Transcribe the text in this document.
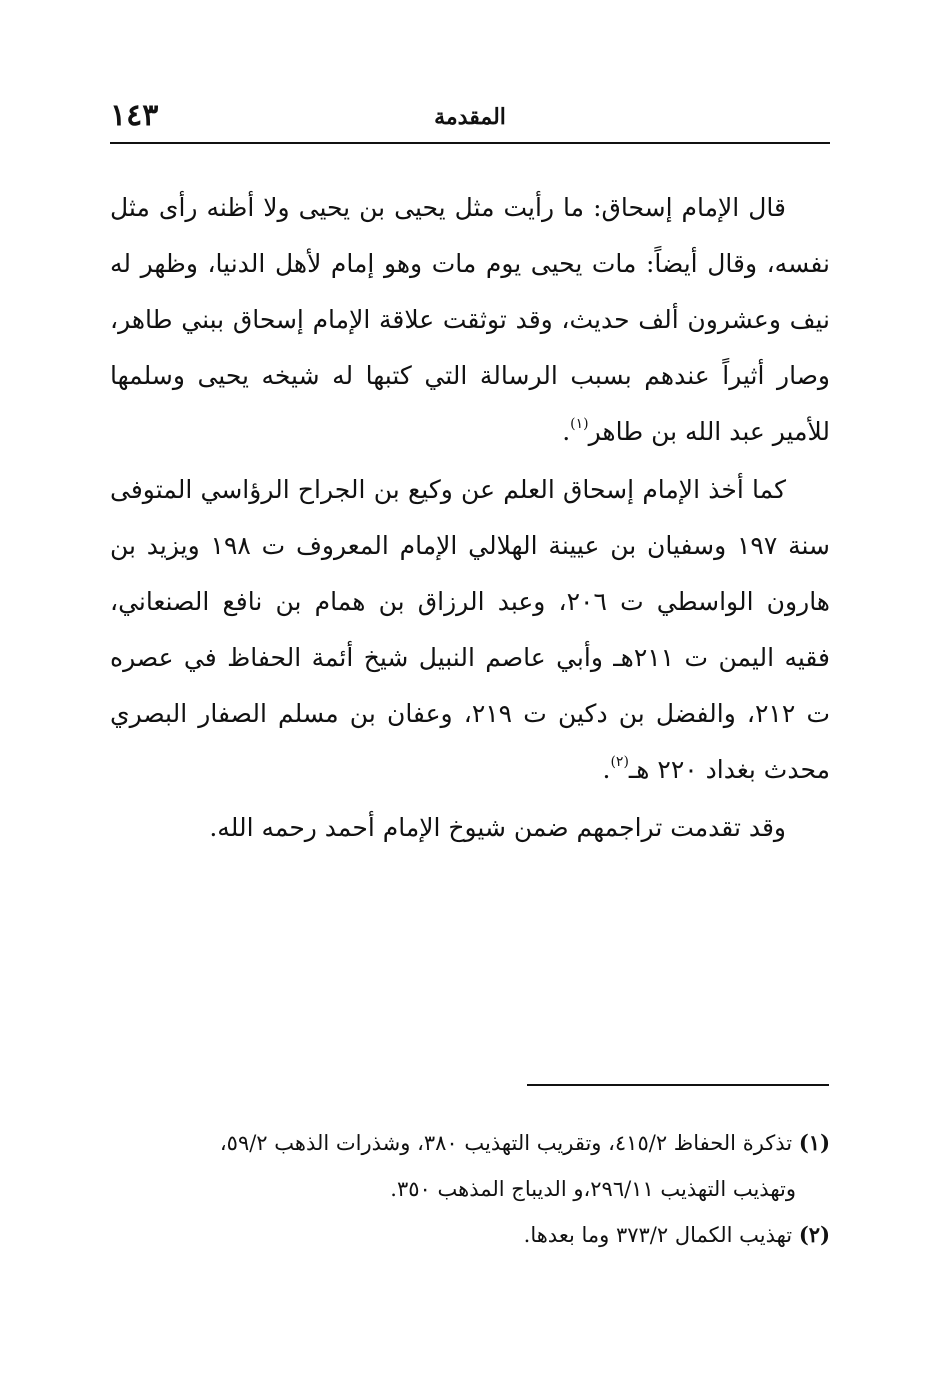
١٤٣	المقدمة

قال الإمام إسحاق: ما رأيت مثل يحيى بن يحيى ولا أظنه رأى مثل نفسه، وقال أيضاً: مات يحيى يوم مات وهو إمام لأهل الدنيا، وظهر له نيف وعشرون ألف حديث، وقد توثقت علاقة الإمام إسحاق ببني طاهر، وصار أثيراً عندهم بسبب الرسالة التي كتبها له شيخه يحيى وسلمها للأمير عبد الله بن طاهر$^{(١)}$.

كما أخذ الإمام إسحاق العلم عن وكيع بن الجراح الرؤاسي المتوفى سنة ١٩٧ وسفيان بن عيينة الهلالي الإمام المعروف ت ١٩٨ ويزيد بن هارون الواسطي ت ٢٠٦، وعبد الرزاق بن همام بن نافع الصنعاني، فقيه اليمن ت ٢١١هـ وأبي عاصم النبيل شيخ أئمة الحفاظ في عصره ت ٢١٢، والفضل بن دكين ت ٢١٩، وعفان بن مسلم الصفار البصري محدث بغداد ٢٢٠ هـ$^{(٢)}$.

وقد تقدمت تراجمهم ضمن شيوخ الإمام أحمد رحمه الله.

(١) تذكرة الحفاظ ٤١٥/٢، وتقريب التهذيب ٣٨٠، وشذرات الذهب ٥٩/٢،

وتهذيب التهذيب ٢٩٦/١١،و الديباج المذهب ٣٥٠.

(٢) تهذيب الكمال ٣٧٣/٢ وما بعدها.
